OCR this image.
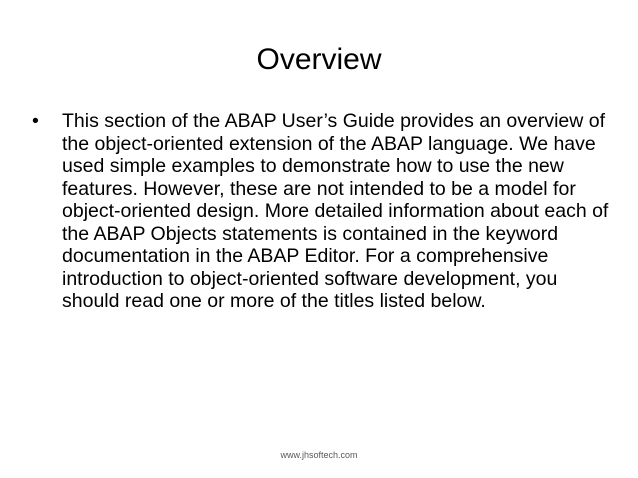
Overview
• This section of the ABAP User’s Guide provides an overview of the object-oriented extension of the ABAP language. We have used simple examples to demonstrate how to use the new features. However, these are not intended to be a model for object-oriented design. More detailed information about each of the ABAP Objects statements is contained in the keyword documentation in the ABAP Editor. For a comprehensive introduction to object-oriented software development, you should read one or more of the titles listed below.
www.jhsoftech.com
